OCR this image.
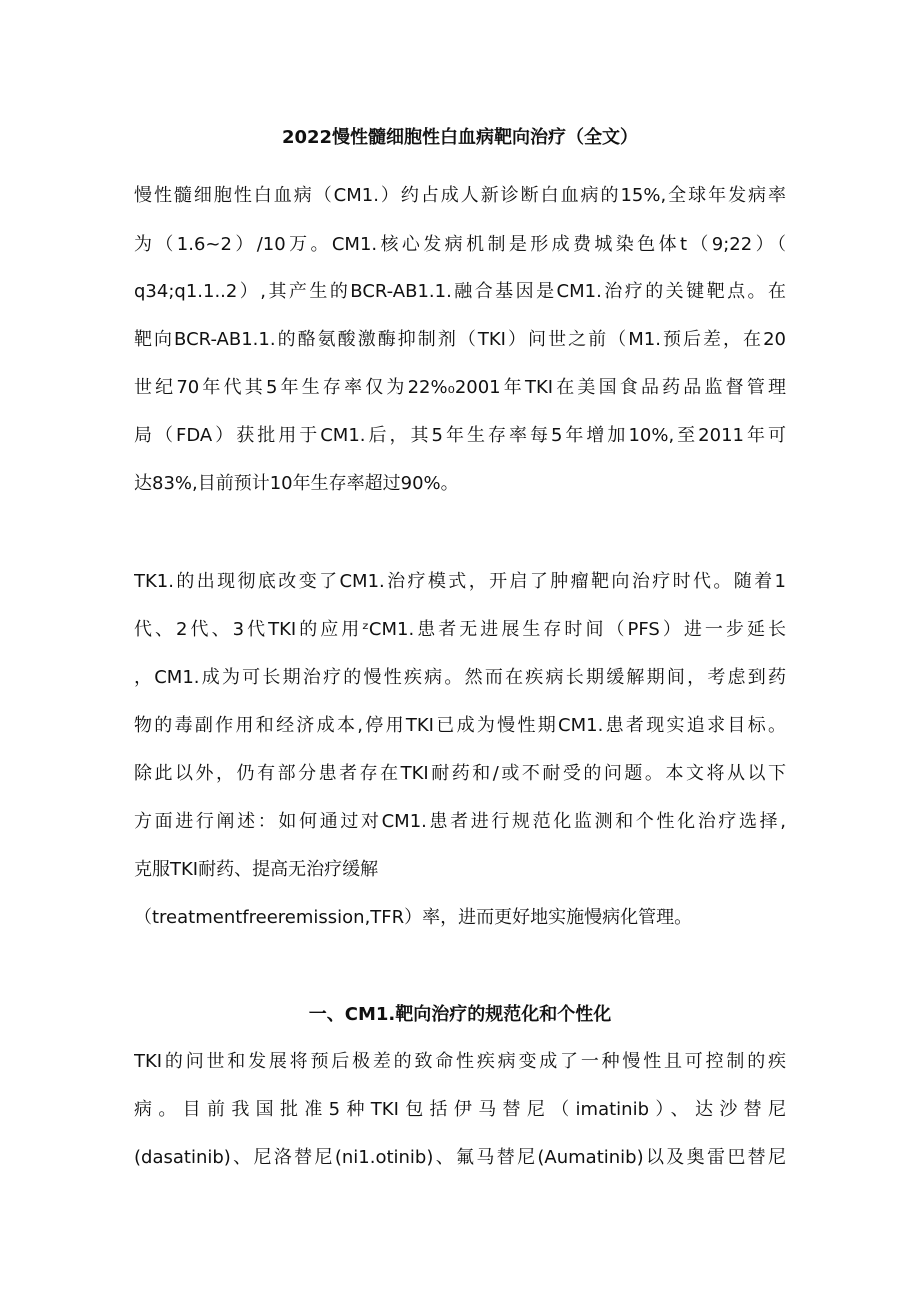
2022慢性髓细胞性白血病靶向治疗（全文）
慢性髓细胞性白血病（CM1.）约占成人新诊断白血病的15%,全球年发病率
为（1.6~2）/10万。CM1.核心发病机制是形成费城染色体t（9;22）（
q34;q1.1..2）,其产生的BCR-AB1.1.融合基因是CM1.治疗的关键靶点。在
靶向BCR-AB1.1.的酪氨酸激酶抑制剂（TKI）问世之前（M1.预后差，在20
世纪70年代其5年生存率仅为22%₀2001年TKI在美国食品药品监督管理
局（FDA）获批用于CM1.后，其5年生存率每5年增加10%,至2011年可
达83%,目前预计10年生存率超过90%。
TK1.的出现彻底改变了CM1.治疗模式，开启了肿瘤靶向治疗时代。随着1
代、2代、3代TKI的应用ᶻCM1.患者无进展生存时间（PFS）进一步延长
，CM1.成为可长期治疗的慢性疾病。然而在疾病长期缓解期间，考虑到药
物的毒副作用和经济成本,停用TKI已成为慢性期CM1.患者现实追求目标。
除此以外，仍有部分患者存在TKI耐药和/或不耐受的问题。本文将从以下
方面进行阐述：如何通过对CM1.患者进行规范化监测和个性化治疗选择,
克服TKI耐药、提高无治疗缓解
（treatmentfreeremission,TFR）率，进而更好地实施慢病化管理。
一、CM1.靶向治疗的规范化和个性化
TKI的问世和发展将预后极差的致命性疾病变成了一种慢性且可控制的疾
病。目前我国批准5种TKI包括伊马替尼（imatinib）、达沙替尼
(dasatinib)、尼洛替尼(ni1.otinib)、氟马替尼(Aumatinib)以及奥雷巴替尼
